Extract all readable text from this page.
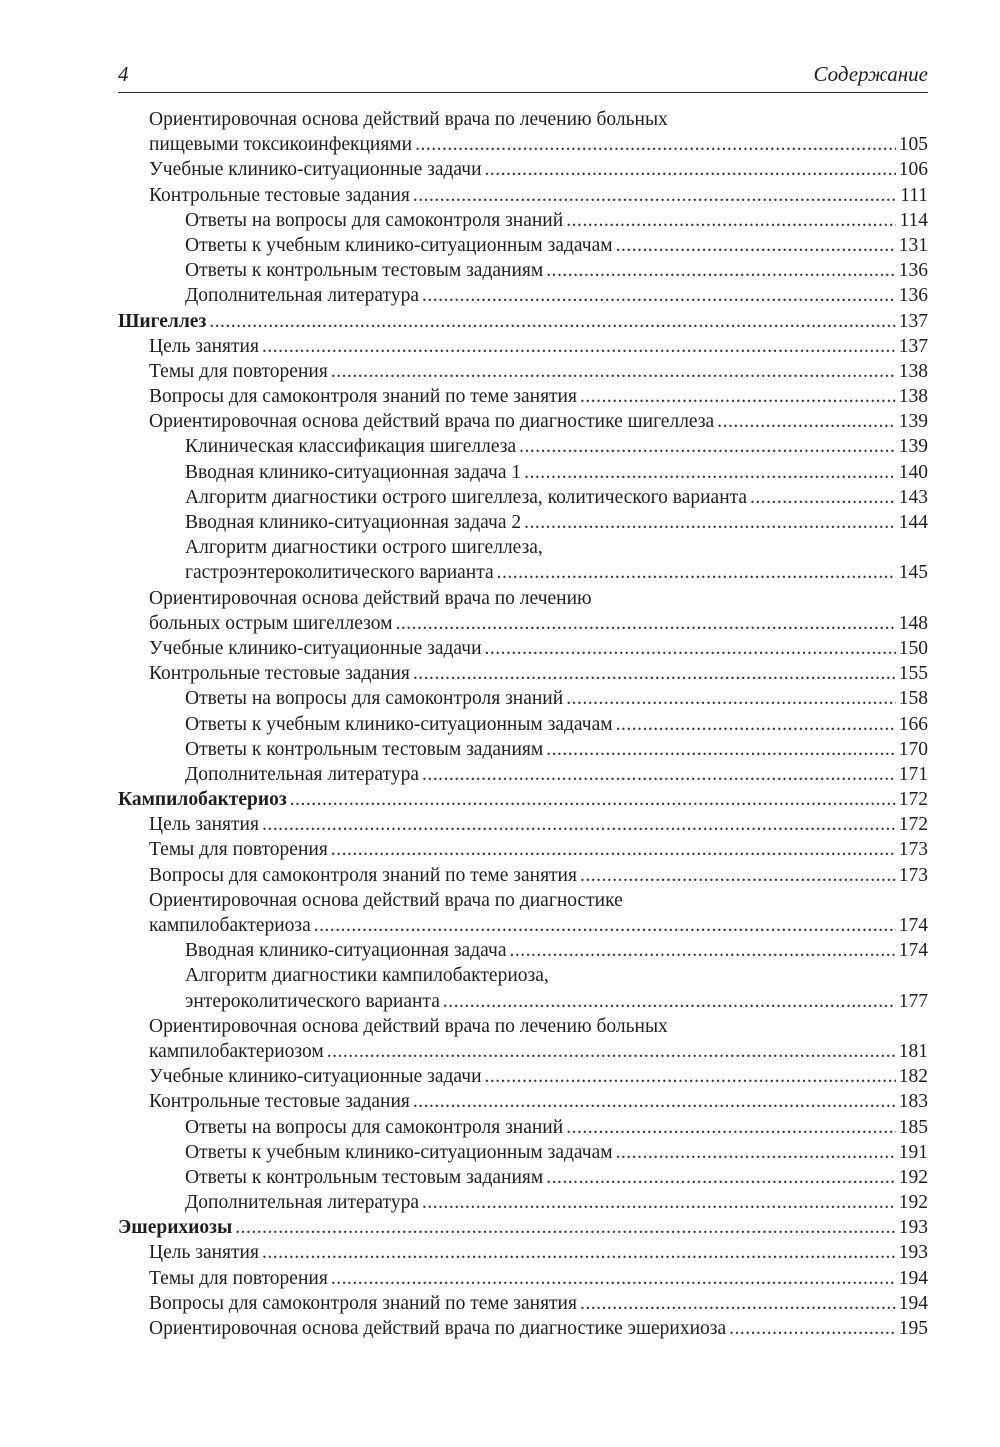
4	Содержание
Ориентировочная основа действий врача по лечению больных
пищевыми токсикоинфекциями .....	105
Учебные клинико-ситуационные задачи .....	106
Контрольные тестовые задания .....	111
Ответы на вопросы для самоконтроля знаний .....	114
Ответы к учебным клинико-ситуационным задачам .....	131
Ответы к контрольным тестовым заданиям .....	136
Дополнительная литература .....	136
Шигеллез .....	137
Цель занятия .....	137
Темы для повторения .....	138
Вопросы для самоконтроля знаний по теме занятия .....	138
Ориентировочная основа действий врача по диагностике шигеллеза .....	139
Клиническая классификация шигеллеза .....	139
Вводная клинико-ситуационная задача 1 .....	140
Алгоритм диагностики острого шигеллеза, колитического варианта .....	143
Вводная клинико-ситуационная задача 2 .....	144
Алгоритм диагностики острого шигеллеза,
гастроэнтероколитического варианта .....	145
Ориентировочная основа действий врача по лечению
больных острым шигеллезом .....	148
Учебные клинико-ситуационные задачи .....	150
Контрольные тестовые задания .....	155
Ответы на вопросы для самоконтроля знаний .....	158
Ответы к учебным клинико-ситуационным задачам .....	166
Ответы к контрольным тестовым заданиям .....	170
Дополнительная литература .....	171
Кампилобактериоз .....	172
Цель занятия .....	172
Темы для повторения .....	173
Вопросы для самоконтроля знаний по теме занятия .....	173
Ориентировочная основа действий врача по диагностике
кампилобактериоза .....	174
Вводная клинико-ситуационная задача .....	174
Алгоритм диагностики кампилобактериоза,
энтероколитического варианта .....	177
Ориентировочная основа действий врача по лечению больных
кампилобактериозом .....	181
Учебные клинико-ситуационные задачи .....	182
Контрольные тестовые задания .....	183
Ответы на вопросы для самоконтроля знаний .....	185
Ответы к учебным клинико-ситуационным задачам .....	191
Ответы к контрольным тестовым заданиям .....	192
Дополнительная литература .....	192
Эшерихиозы .....	193
Цель занятия .....	193
Темы для повторения .....	194
Вопросы для самоконтроля знаний по теме занятия .....	194
Ориентировочная основа действий врача по диагностике эшерихиоза .....	195
